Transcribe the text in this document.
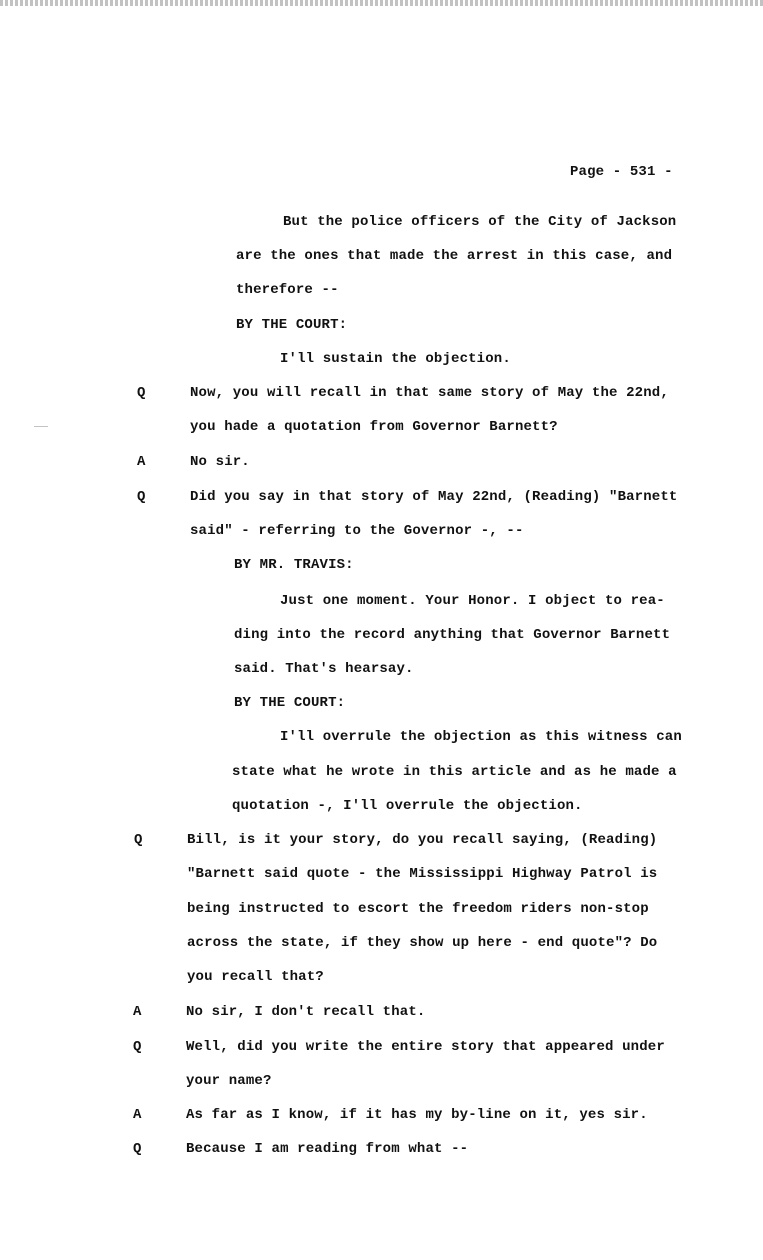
Page - 531 -
But the police officers of the City of Jackson
are the ones that made the arrest in this case, and
therefore --
BY THE COURT:
I'll sustain the objection.
Q	Now, you will recall in that same story of May the 22nd,
you hade a quotation from Governor Barnett?
A	No sir.
Q	Did you say in that story of May 22nd, (Reading) "Barnett
said" - referring to the Governor -, --
BY MR. TRAVIS:
Just one moment. Your Honor. I object to rea-
ding into the record anything that Governor Barnett
said. That's hearsay.
BY THE COURT:
I'll overrule the objection as this witness can
state what he wrote in this article and as he made a
quotation -, I'll overrule the objection.
Q	Bill, is it your story, do you recall saying, (Reading)
"Barnett said quote - the Mississippi Highway Patrol is
being instructed to escort the freedom riders non-stop
across the state, if they show up here - end quote"? Do
you recall that?
A	No sir, I don't recall that.
Q	Well, did you write the entire story that appeared under
your name?
A	As far as I know, if it has my by-line on it, yes sir.
Q	Because I am reading from what --
